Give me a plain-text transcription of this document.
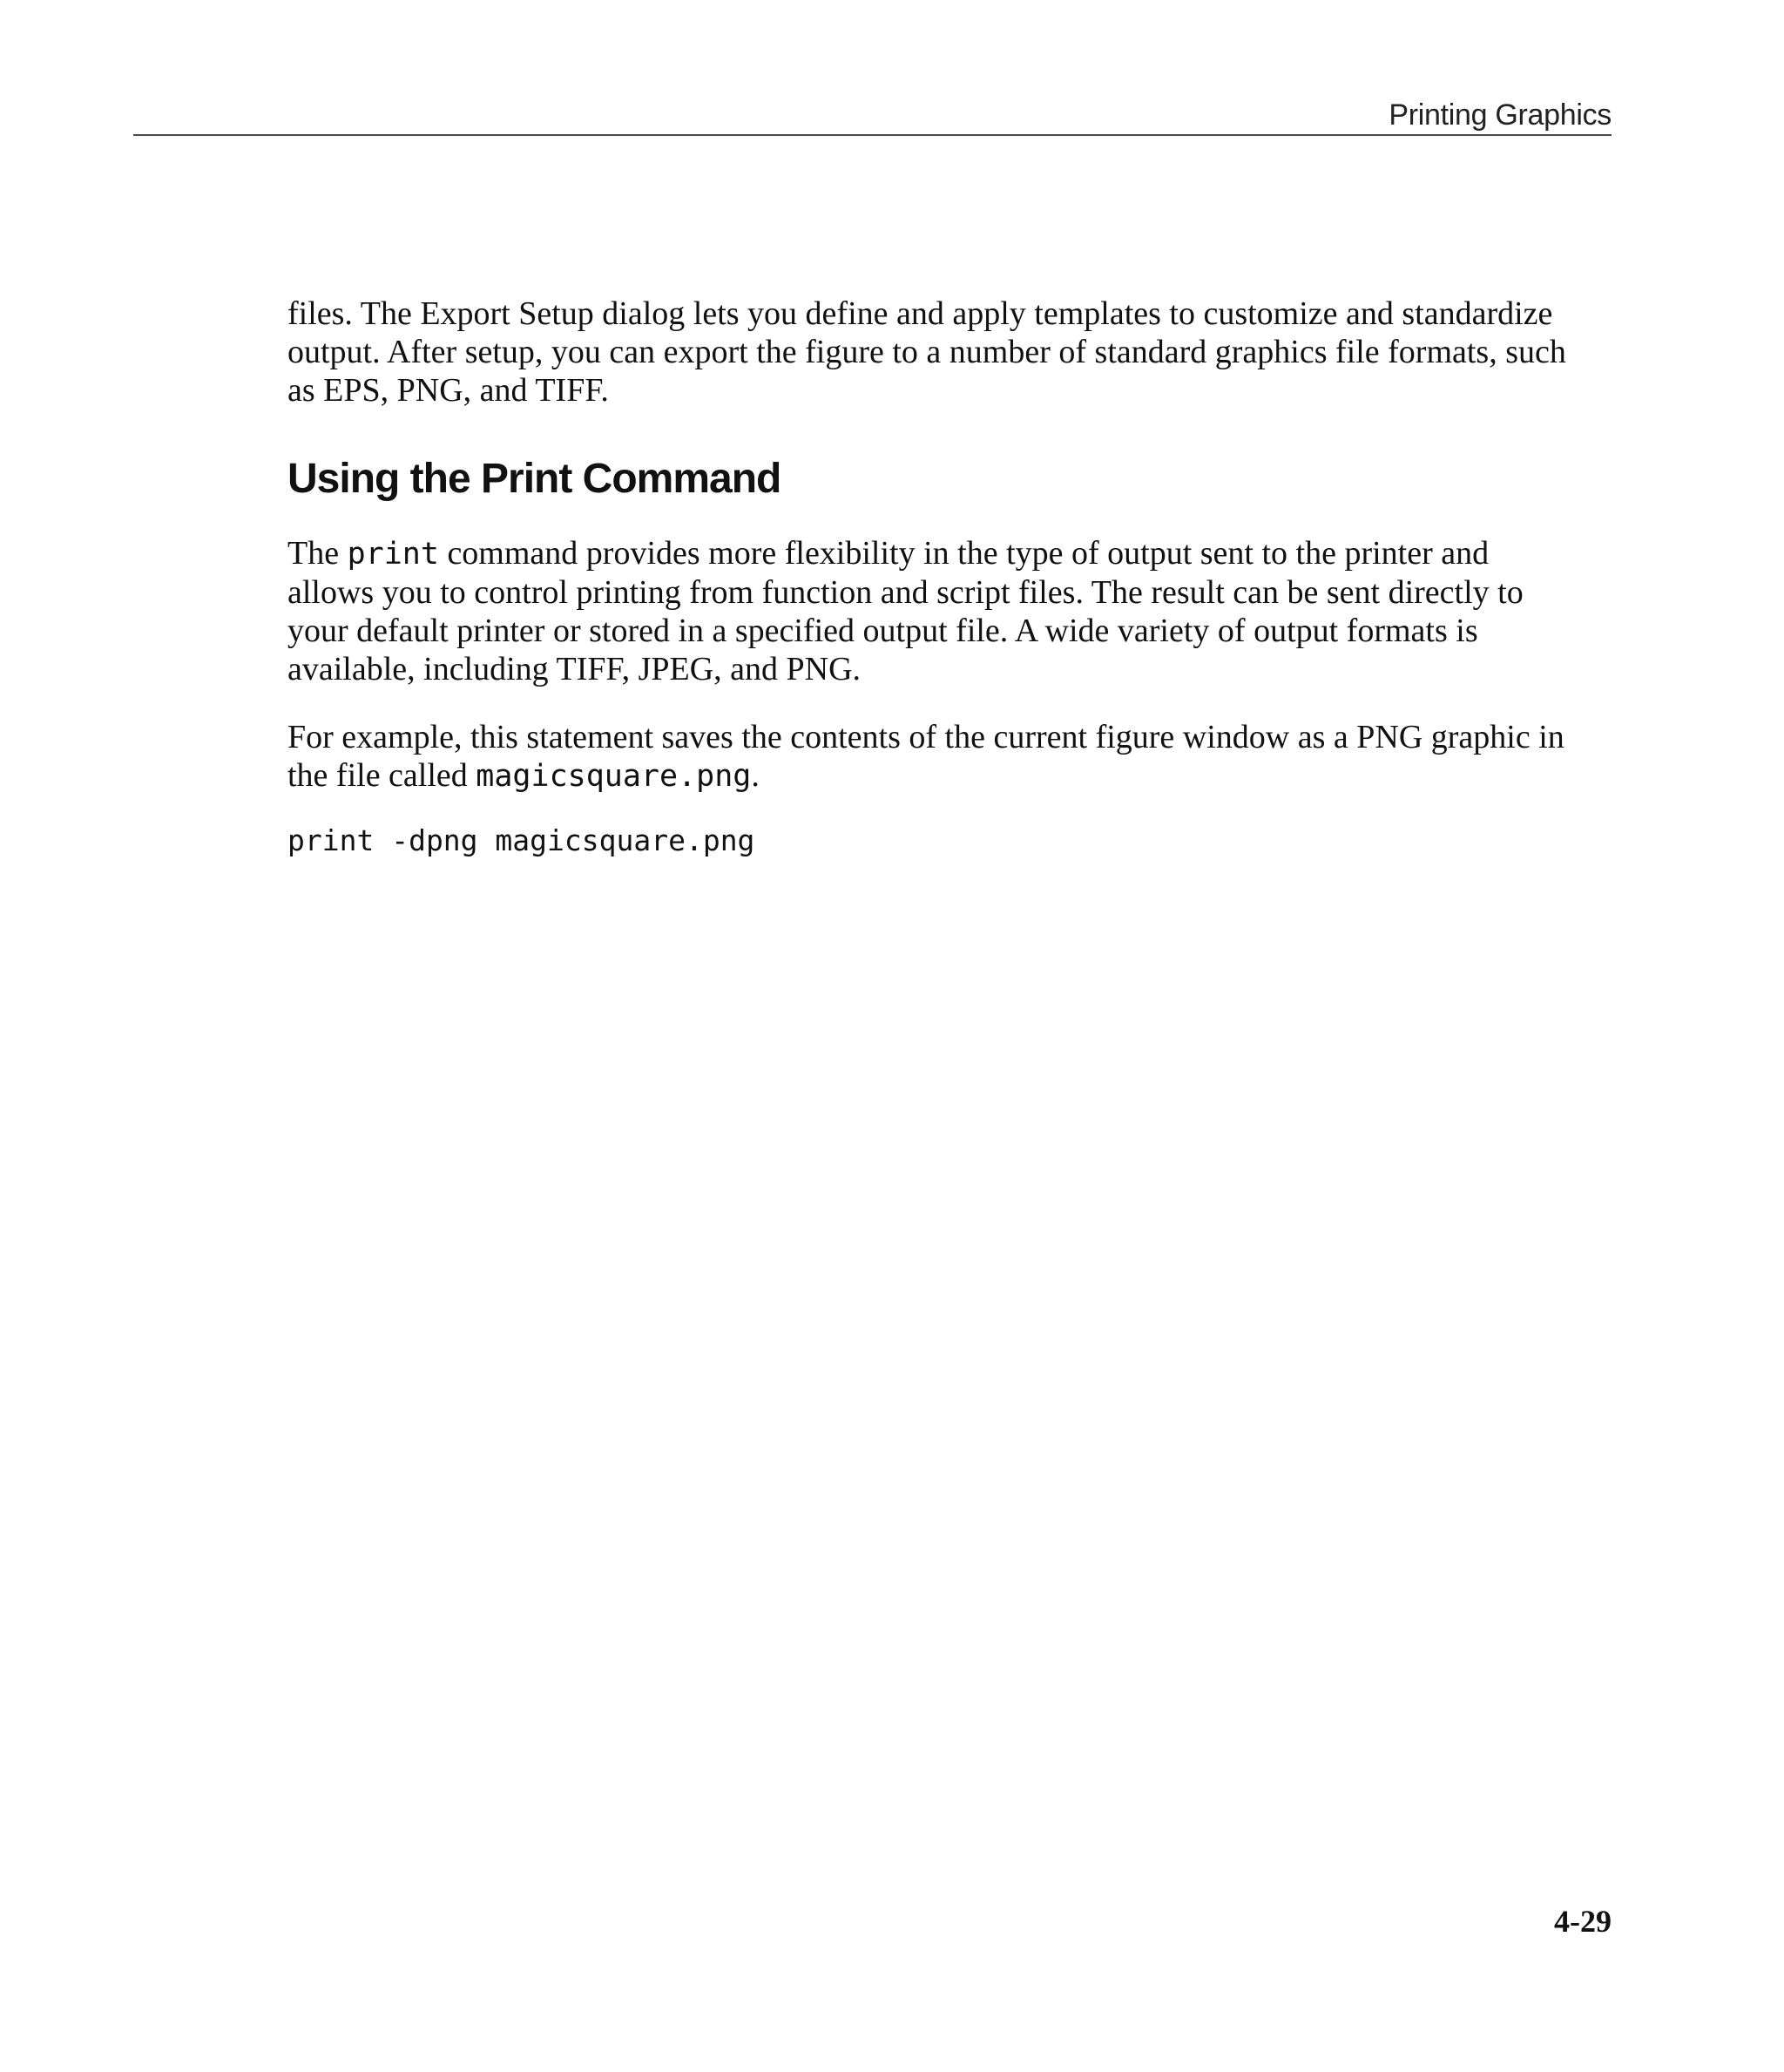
Printing Graphics

files. The Export Setup dialog lets you define and apply templates to customize and standardize output. After setup, you can export the figure to a number of standard graphics file formats, such as EPS, PNG, and TIFF.

Using the Print Command

The print command provides more flexibility in the type of output sent to the printer and allows you to control printing from function and script files. The result can be sent directly to your default printer or stored in a specified output file. A wide variety of output formats is available, including TIFF, JPEG, and PNG.

For example, this statement saves the contents of the current figure window as a PNG graphic in the file called magicsquare.png.

print -dpng magicsquare.png
4-29
